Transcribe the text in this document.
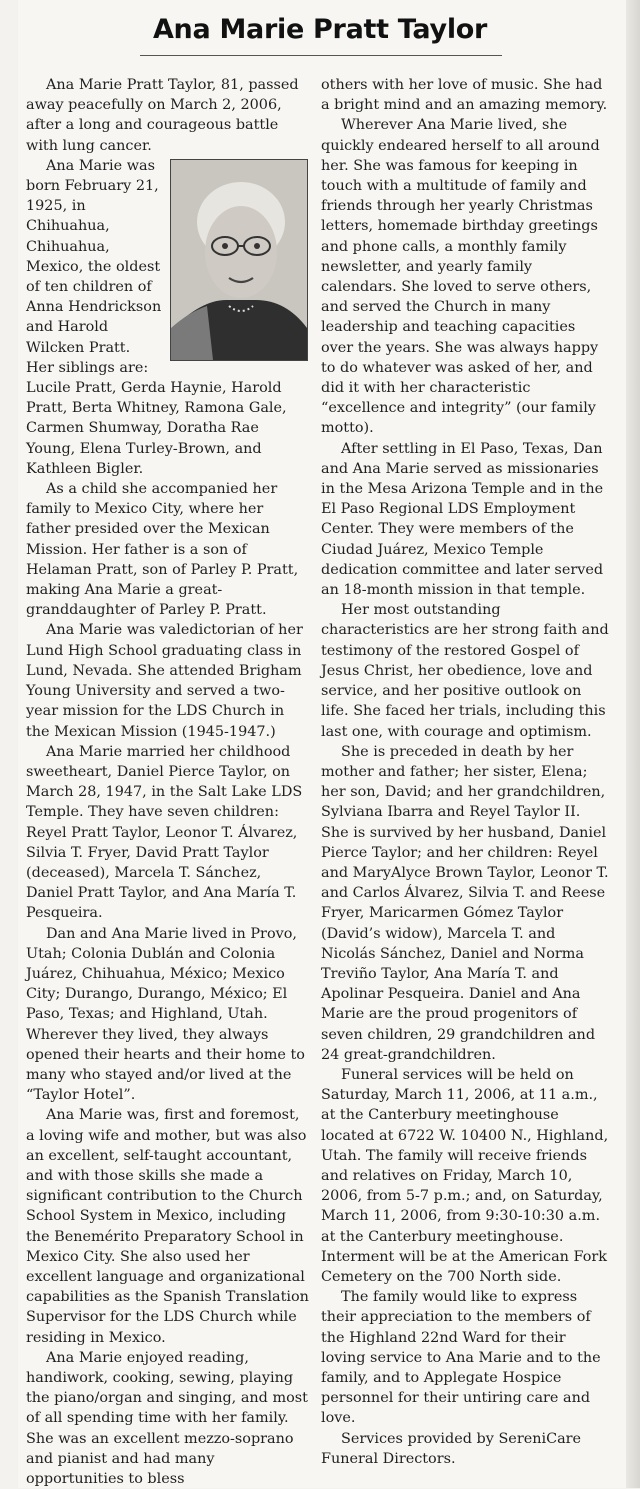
Ana Marie Pratt Taylor

Ana Marie Pratt Taylor, 81, passed away peacefully on March 2, 2006, after a long and courageous battle with lung cancer.

Ana Marie was born February 21, 1925, in Chihuahua, Chihuahua, Mexico, the oldest of ten children of Anna Hendrickson and Harold Wilcken Pratt. Her siblings are: Lucile Pratt, Gerda Haynie, Harold Pratt, Berta Whitney, Ramona Gale, Carmen Shumway, Doratha Rae Young, Elena Turley-Brown, and Kathleen Bigler.

As a child she accompanied her family to Mexico City, where her father presided over the Mexican Mission. Her father is a son of Helaman Pratt, son of Parley P. Pratt, making Ana Marie a great-granddaughter of Parley P. Pratt.

Ana Marie was valedictorian of her Lund High School graduating class in Lund, Nevada. She attended Brigham Young University and served a two-year mission for the LDS Church in the Mexican Mission (1945-1947.)

Ana Marie married her childhood sweetheart, Daniel Pierce Taylor, on March 28, 1947, in the Salt Lake LDS Temple. They have seven children: Reyel Pratt Taylor, Leonor T. Álvarez, Silvia T. Fryer, David Pratt Taylor (deceased), Marcela T. Sánchez, Daniel Pratt Taylor, and Ana María T. Pesqueira.

Dan and Ana Marie lived in Provo, Utah; Colonia Dublán and Colonia Juárez, Chihuahua, México; Mexico City; Durango, Durango, México; El Paso, Texas; and Highland, Utah. Wherever they lived, they always opened their hearts and their home to many who stayed and/or lived at the “Taylor Hotel”.

Ana Marie was, first and foremost, a loving wife and mother, but was also an excellent, self-taught accountant, and with those skills she made a significant contribution to the Church School System in Mexico, including the Benemérito Preparatory School in Mexico City. She also used her excellent language and organizational capabilities as the Spanish Translation Supervisor for the LDS Church while residing in Mexico.

Ana Marie enjoyed reading, handiwork, cooking, sewing, playing the piano/organ and singing, and most of all spending time with her family. She was an excellent mezzo-soprano and pianist and had many opportunities to bless

others with her love of music. She had a bright mind and an amazing memory.

Wherever Ana Marie lived, she quickly endeared herself to all around her. She was famous for keeping in touch with a multitude of family and friends through her yearly Christmas letters, homemade birthday greetings and phone calls, a monthly family newsletter, and yearly family calendars. She loved to serve others, and served the Church in many leadership and teaching capacities over the years. She was always happy to do whatever was asked of her, and did it with her characteristic “excellence and integrity” (our family motto).

After settling in El Paso, Texas, Dan and Ana Marie served as missionaries in the Mesa Arizona Temple and in the El Paso Regional LDS Employment Center. They were members of the Ciudad Juárez, Mexico Temple dedication committee and later served an 18-month mission in that temple.

Her most outstanding characteristics are her strong faith and testimony of the restored Gospel of Jesus Christ, her obedience, love and service, and her positive outlook on life. She faced her trials, including this last one, with courage and optimism.

She is preceded in death by her mother and father; her sister, Elena; her son, David; and her grandchildren, Sylviana Ibarra and Reyel Taylor II. She is survived by her husband, Daniel Pierce Taylor; and her children: Reyel and MaryAlyce Brown Taylor, Leonor T. and Carlos Álvarez, Silvia T. and Reese Fryer, Maricarmen Gómez Taylor (David’s widow), Marcela T. and Nicolás Sánchez, Daniel and Norma Treviño Taylor, Ana María T. and Apolinar Pesqueira. Daniel and Ana Marie are the proud progenitors of seven children, 29 grandchildren and 24 great-grandchildren.

Funeral services will be held on Saturday, March 11, 2006, at 11 a.m., at the Canterbury meetinghouse located at 6722 W. 10400 N., Highland, Utah. The family will receive friends and relatives on Friday, March 10, 2006, from 5-7 p.m.; and, on Saturday, March 11, 2006, from 9:30-10:30 a.m. at the Canterbury meetinghouse. Interment will be at the American Fork Cemetery on the 700 North side.

The family would like to express their appreciation to the members of the Highland 22nd Ward for their loving service to Ana Marie and to the family, and to Applegate Hospice personnel for their untiring care and love.

Services provided by SereniCare Funeral Directors.
